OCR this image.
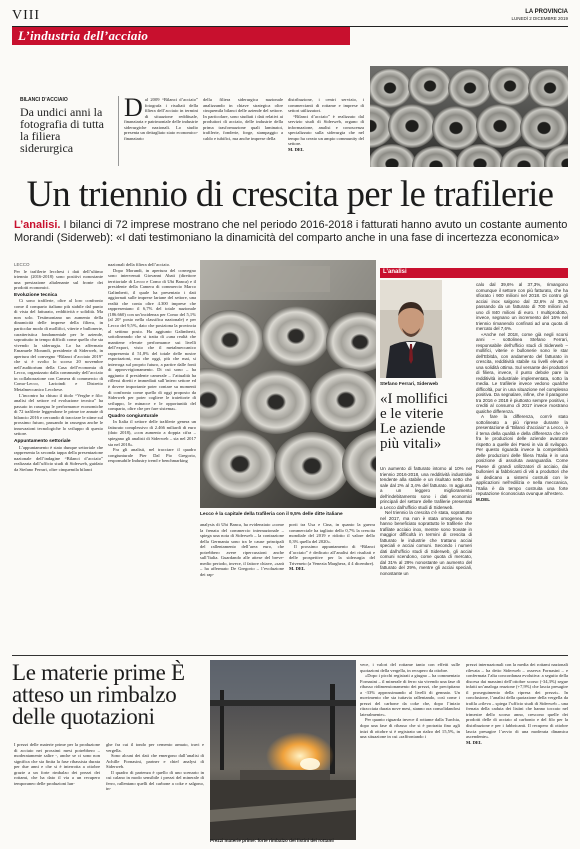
VIII	LA PROVINCIA
LUNEDÌ 2 DICEMBRE 2019
L’industria dell’acciaio
BILANCI D’ACCIAIO
Da undici anni la fotografia di tutta la filiera siderurgica

Dal 2009 “Bilanci d’acciaio” fotografa i risultati della filiera dell’acciaio in termini di situazione reddituale, finanziaria e patrimoniale delle industrie siderurgiche nazionali. Lo studio presenta un dettagliato stato economico-finanziario

della filiera siderurgica nazionale analizzando in chiave strategica oltre cinquemila bilanci delle aziende del settore. In particolare, sono studiati i dati relativi ai produttori di acciaio, delle industrie della prima trasformazione quali laminatoi, trafilerie, fonderie, forge, stampaggio a caldo e tubifici, ma anche imprese della

distribuzione, i centri servizio, i commercianti di rottame e imprese di settori utilizzatori.

“Bilanci d’acciaio” è realizzato dal servizio studi di Siderweb, organo di informazione, analisi e conoscenza specializzato sulla siderurgia che nel tempo ha creato un ampio community del settore.

M. DEL

Un triennio di crescita per le trafilerie
L’analisi. I bilanci di 72 imprese mostrano che nel periodo 2016-2018 i fatturati hanno avuto un costante aumento Morandi (Siderweb): «I dati testimoniano la dinamicità del comparto anche in una fase di incertezza economica»
LECCO

Per le trafilerie lecchesi i dati dell’ultimo triennio (2016-2018) sono positivi nonostante una prestazione altalenante sul fronte dei prodotti economici.

Evoluzione tecnica

Ci sono trafilerie, oltre al loro confronto come il comparto italiano più stabile dal punto di vista del fatturato, redditività e solidità. Ma non solo. Testimoniano un aumento della dinamicità delle imprese della filiera, in particolar modo di mollifici, viterie e bullonerie, caratteristica fondamentale per le aziende, soprattutto in tempo difficili come quello che sta vivendo la siderurgia. Lo ha affermato Emanuele Morandi, presidente di Siderweb, in apertura del convegno “Bilanci d’acciaio 2019” che si è svolto lo scorso 20 novembre nell’auditorium della Casa dell’economia di Lecco, organizzato dalla community dell’acciaio in collaborazione con Camera di commercio di Como-Lecco, Larioindi e Distretto Metalmeccanico Lecchese.

L’incontro ha chiuso il titolo “Verghe e filo: analisi del settore ed evoluzione tecnica” ha passato in rassegna le performance economiche di 72 trafilerie leggendone le prime tre annate di bilancio 2016 e cercando di tracciare le stime sul prossimo futuro, passando in rassegna anche le innovazioni tecnologiche lo sviluppo di questo settore.

Appuntamento settoriale

L’appuntamento è stato dunque settoriale che rappresenta la seconda tappa della presentazione nazionale dell’indagine “Bilanci d’acciaio” realizzata dall’ufficio studi di Siderweb, guidato da Stefano Ferrari, oltre cinquemila bilanci

nazionali della filiera dell’acciaio.

Dopo Morandi, in apertura del convegno sono intervenuti Giovanni Abati (direttore territoriale di Lecco e Como di Ubi Banca) e il presidente della Camera di commercio Marco Galimberti, il quale ha presentato i dati aggiornati sulle imprese lariane del settore, una realtà che conta oltre 4.300 imprese che rappresentano il 6,7% del totale nazionale (186.660) con un’incidenza per Como del 5,1% (al 20° posto nella classifica nazionale) e per Lecco del 9,5%, dato che posiziona la provincia al settimo posto. Ha aggiunto Galimberti, sottolineando che si tratta di «una realtà che mantiene elevate performance sui livelli dell’export, visto che il metalmeccanico rappresenta il 51,8% del totale delle nostre esportazioni, ma che oggi, più che mai, si interroga sul proprio futuro, a partire dalle fonti di approvvigionamento. Di cui sono – ha aggiunto il presidente camerale – l’attualità ha riflessi diretti e immediati sull’intero settore ed è dovere importante poter contare su momenti di confronto come quello di oggi proposto da Siderweb per poter cogliere le traiettorie di sviluppo, le minacce e le opportunità del comparto, oltre che per fare sistema».

Quadro congiunturale

In Italia il settore delle trafilerie genera un fatturato complessivo di 2.466 miliardi di euro (dato 2018), «con aumento a doppia cifra – spiegano gli analisti di Siderweb – sia nel 2017 sia nel 2018».

Fra gli analisti, nel tracciare il quadro congiunturale Pier Dal Pio Gregorio, responsabile Industry trend e benchmarking

analysis di Ubi Banca, ha evidenziato «come la frenata del commercio internazionale – spiega una nota di Siderweb – la contrazione della Germania sono tra le cause principali del rallentamento dell’area euro, che potrebbero avere ripercussioni anche sull’Italia. Guardando alle attese del breve-medio periodo, invece, il fattore chiave, «sarà – ha affermato De Gregorio – l’evoluzione dei rap-

porti tra Usa e Cina, in quanto la guerra commerciale ha tagliato dello 0,7% la crescita mondiale del 2019 e ridotto il valore dello 0,3% quella del 2020».

Il prossimo appuntamento di “Bilanci d’acciaio” è dedicato all’analisi dei risultati e delle prospettive per la siderurgia del Triveneto (a Venezia Marghera, il 4 dicembre).

M. DEL

Lecco è la capitale della trafileria con il 9,5% delle ditte italiane
L’analisi
Stefano Ferrari, Siderweb
«I mollifici e le viterie Le aziende più vitali»

Un aumento di fatturato intorno al 10% nel triennio 2016-2018, una redditività industriale tendente alla stabile e un risultato netto che sale dal 2% al 3,4% del fatturato. In aggiunta a un leggero miglioramento dell’indebitamento sono i dati economici principali del settore delle trafilerie presentati a Lecco dall’ufficio studi di Siderweb.

Nel triennio la crescita c’è stata, soprattutto nel 2017, ma non è stata omogenea. Ne hanno beneficiato soprattutto le trafilerie che trafilate acciaio inox, mentre sono trovate in maggior difficoltà in termini di crescita di fatturato le industrie che trattano acciai speciali e acciai comuni. Secondo i numeri dati dall’ufficio studi di Siderweb, gli acciai comuni scendono, come quota di mercato, dal 31% al 29% nonostante un aumento del fatturato del 29%, mentre gli acciai speciali, nonostante un

calo dal 39,6% al 37,3%, rimangono comunque il settore con più fatturato, che ha sfiorato i 900 milioni nel 2018. Di contro gli acciai inox salgono dal 32,6% al 35,% passando da un fatturato di 700 milioni ad uno di 840 milioni di euro. I multiprodotto, invece, segnano un incremento del 16% nel triennio rimanendo confinati ad una quota di mercato del 7,6%.

«Anche nel 2018, come già negli scorsi anni – sottolinea Stefano Ferrari, responsabile dell’ufficio studi di Siderweb – mollifici, viterie e bullonerie sono le star dell’Ebitda, con andamento del fatturato in crescita, redditività stabile su livelli elevati e una solidità ottima. Sul versante dei produttori di filiera, invece, il punto debole pare la redditività industriale implementata, sotto la media. Le trafilerie invece vedono qualche difficoltà, pur in una situazione nel complesso positiva. Da segnalare, infine, che il paragone tra 2016 e 2018 è piuttosto sempre positivo, i crediti al consumo di 2017 invece mostrano qualche differenza.

A fare la differenza, com’è stato sottolineato a più riprese durante la presentazione di “Bilanci d’acciaio” a Lecco, è il tema della qualità e della differenza che c’è fra le produzioni delle aziende avanzate rispetto a quelle dei Paesi in via di sviluppo. Per questo riguarda invece la competitività delle produzioni delle filiera l’Italia è in una posizione di assoluta avanguardia. Come Paese di grandi utilizzatori di acciaio, dai bullonieri ai fabbricanti di viti a produttori che si dedicano a sistemi costruiti con le applicazioni nell’edilizia e nella meccanica, l’Italia è da tempo costruita una forte reputazione riconosciuta ovunque all’estero.

M.DEL

Le materie prime È atteso un rimbalzo delle quotazioni

I prezzi delle materie prime per la produzione di acciaio nei prossimi mesi potrebbero – moderatamente salire -, anche se ci sono non significa che sia finita la fase ribassista durata per due anni e che si è interrotta a ottobre grazie a un forte rimbalzo dei prezzi dei rottami, che ha dato il via a un recupero temporaneo delle produzioni lun-

ghe fra cui il tondo per cemento armato, travi e vergella.

Sono alcuni dei dati che emergono dall’analisi di Achille Fornasini, partner e chief analyst di Siderweb.

Il quadro di partenza è quello di uno scenario in cui calano in modo sensibile i prezzi del minerale di ferro, rallentano quelli del carbone a coke e salgono, in-

Prezzi materie prime: forte rimbalzo dei listini dei rottami

vece, i valori del rottame tanto con effetti sulle quotazioni della vergella, in recupero da ottobre.

«Dopo i picchi registrati a giugno – ha commentato Fornasini – il minerale di ferro sta vivendo una fase di ribasso ridimensionamento dei prezzi, che precipitano a -33% approssimando al livelli di gennaio. Un movimento che sta tuttavia rallentando, così come i prezzi del carbone da coke che, dopo l’inizio ritracciata durata nove mesi, stanno ora consolidandosi lateralmente».

Per quanto riguarda invece il rottame dalla Turchia, dopo una fase di ribasso che si è protratta fino agli inizi di ottobre si è registrato un rialzo del 15,5%, in una situazione in cui «raffrontando i

prezzi internazionali con la media dei rottami nazionali rilevata – ha detto Siderweb – osserva Fornasini – e confermata l’alta concordanza evolutiva: a seguito della discesa dai massimi dell’ottobre scorso (-34,3%) segue infatti un’analoga reazione (+7,9%) che lascia presagire il proseguimento della ripresa dei prezzi». In conclusione, l’analisi della quotazione della vergella da trafila «rileva – spiega l’ufficio studi di Siderweb – una frenata della caduta dei listini che hanno toccato nel trimestre dello scorso anno, crescono quelle dei prodotti delle di acciaio al carbonio e del filo per la distribuzione e per i fabbricanti. Il recupero di ottobre lascia presagire l’avvio di una moderata dinamica ascendente».

M. DEL
